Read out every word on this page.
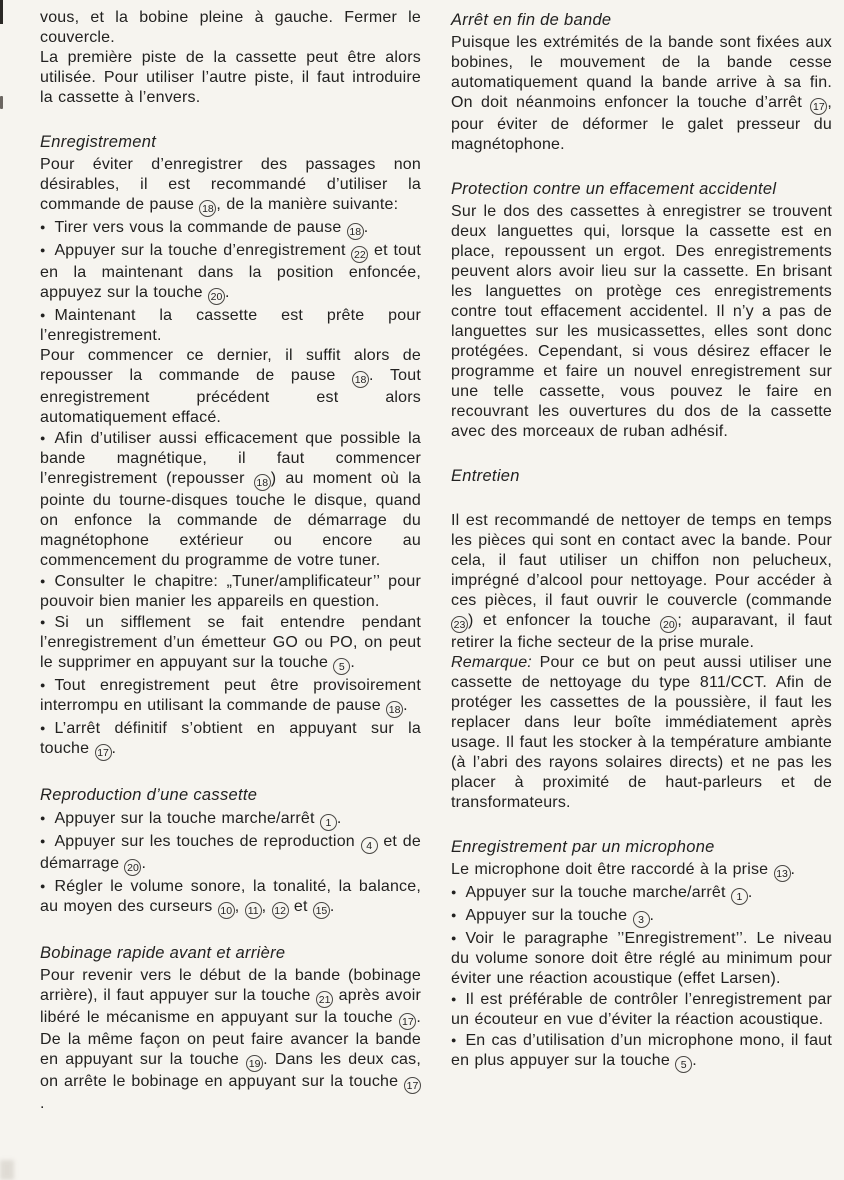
vous, et la bobine pleine à gauche. Fermer le couvercle.

La première piste de la cassette peut être alors utilisée. Pour utiliser l’autre piste, il faut introduire la cassette à l’envers.

Enregistrement

Pour éviter d’enregistrer des passages non désirables, il est recommandé d’utiliser la commande de pause 18 , de la manière suivante:

● Tirer vers vous la commande de pause 18 .

● Appuyer sur la touche d’enregistrement 22 et tout en la maintenant dans la position enfoncée, appuyez sur la touche 20 .

● Maintenant la cassette est prête pour l’enregistrement.

Pour commencer ce dernier, il suffit alors de repousser la commande de pause 18 . Tout enregistrement précédent est alors automatiquement effacé.

● Afin d’utiliser aussi efficacement que possible la bande magnétique, il faut commencer l’enregistrement (repousser 18 ) au moment où la pointe du tourne-disques touche le disque, quand on enfonce la commande de démarrage du magnétophone extérieur ou encore au commencement du programme de votre tuner.

● Consulter le chapitre: „Tuner/amplificateur’’ pour pouvoir bien manier les appareils en question.

● Si un sifflement se fait entendre pendant l’enregistrement d’un émetteur GO ou PO, on peut le supprimer en appuyant sur la touche 5 .

● Tout enregistrement peut être provisoirement interrompu en utilisant la commande de pause 18 .

● L’arrêt définitif s’obtient en appuyant sur la touche 17 .

Reproduction d’une cassette

● Appuyer sur la touche marche/arrêt 1 .

● Appuyer sur les touches de reproduction 4 et de démarrage 20 .

● Régler le volume sonore, la tonalité, la balance, au moyen des curseurs 10 , 11 , 12 et 15 .

Bobinage rapide avant et arrière

Pour revenir vers le début de la bande (bobinage arrière), il faut appuyer sur la touche 21 après avoir libéré le mécanisme en appuyant sur la touche 17 . De la même façon on peut faire avancer la bande en appuyant sur la touche 19 . Dans les deux cas, on arrête le bobinage en appuyant sur la touche 17.

Arrêt en fin de bande

Puisque les extrémités de la bande sont fixées aux bobines, le mouvement de la bande cesse automatiquement quand la bande arrive à sa fin. On doit néanmoins enfoncer la touche d’arrêt 17 , pour éviter de déformer le galet presseur du magnétophone.

Protection contre un effacement accidentel

Sur le dos des cassettes à enregistrer se trouvent deux languettes qui, lorsque la cassette est en place, repoussent un ergot. Des enregistrements peuvent alors avoir lieu sur la cassette. En brisant les languettes on protège ces enregistrements contre tout effacement accidentel. Il n’y a pas de languettes sur les musicassettes, elles sont donc protégées. Cependant, si vous désirez effacer le programme et faire un nouvel enregistrement sur une telle cassette, vous pouvez le faire en recouvrant les ouvertures du dos de la cassette avec des morceaux de ruban adhésif.

Entretien

Il est recommandé de nettoyer de temps en temps les pièces qui sont en contact avec la bande. Pour cela, il faut utiliser un chiffon non pelucheux, imprégné d’alcool pour nettoyage. Pour accéder à ces pièces, il faut ouvrir le couvercle (commande 23 ) et enfoncer la touche 20 ; auparavant, il faut retirer la fiche secteur de la prise murale.

Remarque: Pour ce but on peut aussi utiliser une cassette de nettoyage du type 811/CCT. Afin de protéger les cassettes de la poussière, il faut les replacer dans leur boîte immédiatement après usage. Il faut les stocker à la température ambiante (à l’abri des rayons solaires directs) et ne pas les placer à proximité de haut-parleurs et de transformateurs.

Enregistrement par un microphone

Le microphone doit être raccordé à la prise 13 .

● Appuyer sur la touche marche/arrêt 1 .

● Appuyer sur la touche 3 .

● Voir le paragraphe ’’Enregistrement’’. Le niveau du volume sonore doit être réglé au minimum pour éviter une réaction acoustique (effet Larsen).

● Il est préférable de contrôler l’enregistrement par un écouteur en vue d’éviter la réaction acoustique.

● En cas d’utilisation d’un microphone mono, il faut en plus appuyer sur la touche 5 .
